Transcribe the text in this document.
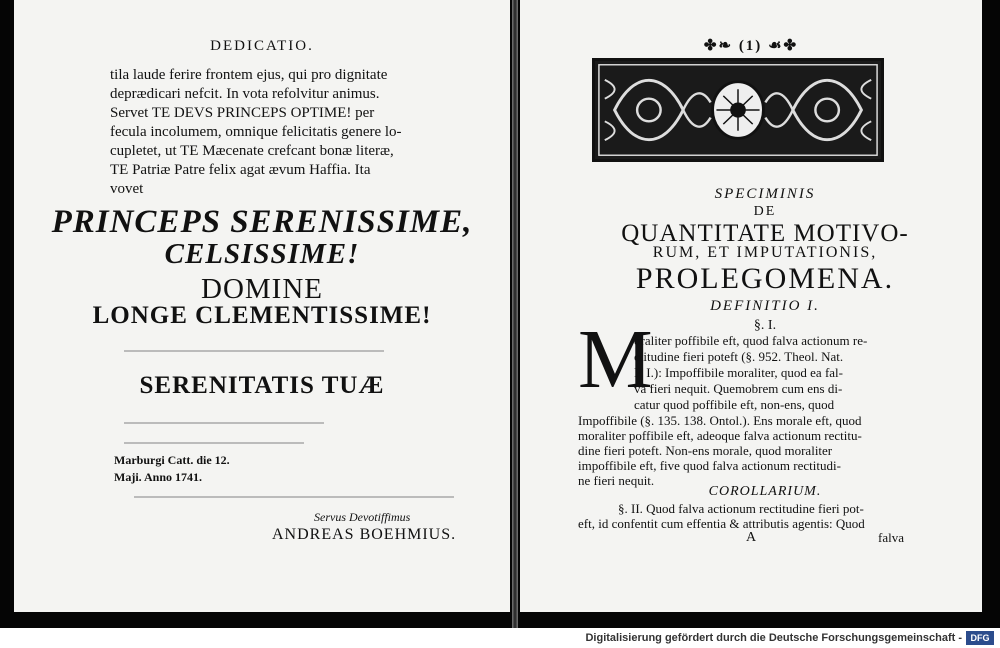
DEDICATIO.
tila laude ferire frontem ejus, qui pro dignitate
deprædicari nefcit. In vota refolvitur animus.
Servet TE DEVS PRINCEPS OPTIME! per
fecula incolumem, omnique felicitatis genere lo-
cupletet, ut TE Mæcenate crefcant bonæ literæ,
TE Patriæ Patre felix agat ævum Haffia. Ita
vovet
PRINCEPS SERENISSIME,
CELSISSIME!
DOMINE
LONGE CLEMENTISSIME!
SERENITATIS TUÆ
Marburgi Catt. die 12.
Maji. Anno 1741.
Servus Devotiffimus
ANDREAS BOEHMIUS.
✤❧ (1) ☙✤
SPECIMINIS
DE
QUANTITATE MOTIVO-
RUM, ET IMPUTATIONIS,
PROLEGOMENA.
DEFINITIO I.
§. I.
M
oraliter poffibile eft, quod falva actionum re-
ctitudine fieri poteft (§. 952. Theol. Nat.
P. I.): Impoffibile moraliter, quod ea fal-
va fieri nequit. Quemobrem cum ens di-
catur quod poffibile eft, non-ens, quod
Impoffibile (§. 135. 138. Ontol.). Ens morale eft, quod
moraliter poffibile eft, adeoque falva actionum rectitu-
dine fieri poteft. Non-ens morale, quod moraliter
COROLLARIUM.
§. II. Quod falva actionum rectitudine fieri pot-
eft, id confentit cum effentia & attributis agentis: Quod
A	falva
impoffibile eft, five quod falva actionum rectitudi-
ne fieri nequit.
Digitalisierung gefördert durch die Deutsche Forschungsgemeinschaft - DFG
